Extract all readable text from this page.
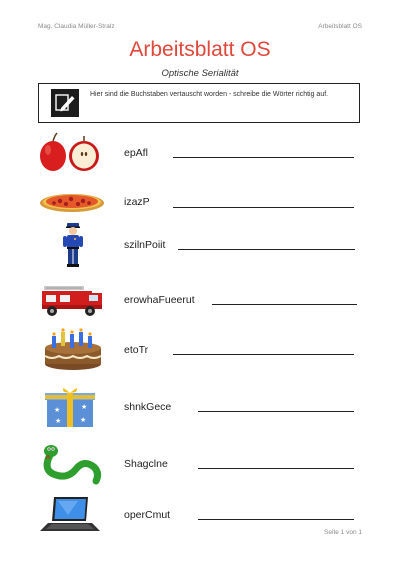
Mag. Claudia Müller-Stralz	Arbeitsblatt OS
Arbeitsblatt OS
Optische Serialität
Hier sind die Buchstaben vertauscht worden - schreibe die Wörter richtig auf.
epAfl
izazP
szilnPoiit
erowhaFueerut
etoTr
★	★
★	★
shnkGece
Shagclne
operCmut
Seite 1 von 1
